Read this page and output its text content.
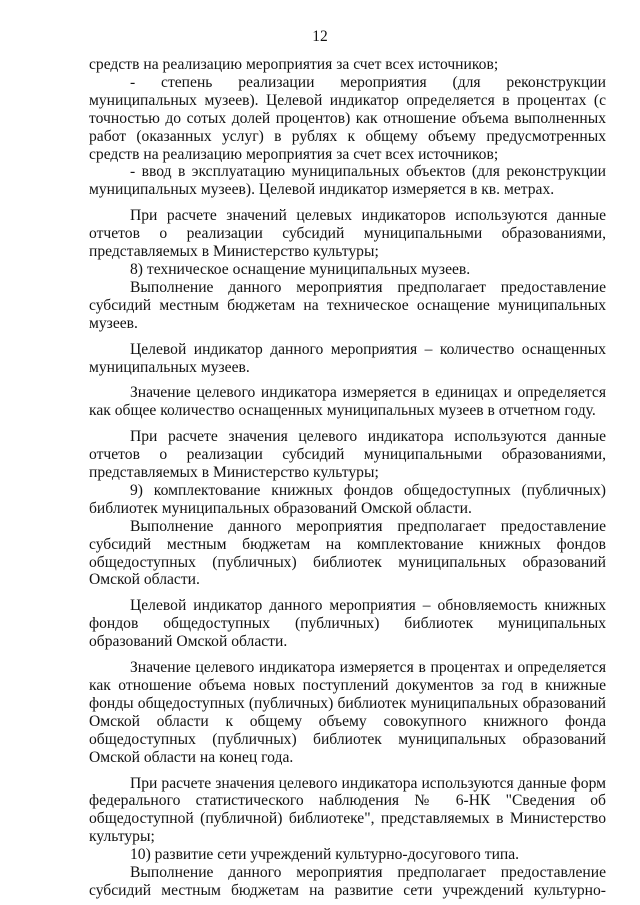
12

средств на реализацию мероприятия за счет всех источников;

- степень реализации мероприятия (для реконструкции муниципальных музеев). Целевой индикатор определяется в процентах (с точностью до сотых долей процентов) как отношение объема выполненных работ (оказанных услуг) в рублях к общему объему предусмотренных средств на реализацию мероприятия за счет всех источников;

- ввод в эксплуатацию муниципальных объектов (для реконструкции муниципальных музеев). Целевой индикатор измеряется в кв. метрах.

При расчете значений целевых индикаторов используются данные отчетов о реализации субсидий муниципальными образованиями, представляемых в Министерство культуры;

8) техническое оснащение муниципальных музеев.

Выполнение данного мероприятия предполагает предоставление субсидий местным бюджетам на техническое оснащение муниципальных музеев.

Целевой индикатор данного мероприятия – количество оснащенных муниципальных музеев.

Значение целевого индикатора измеряется в единицах и определяется как общее количество оснащенных муниципальных музеев в отчетном году.

При расчете значения целевого индикатора используются данные отчетов о реализации субсидий муниципальными образованиями, представляемых в Министерство культуры;

9) комплектование книжных фондов общедоступных (публичных) библиотек муниципальных образований Омской области.

Выполнение данного мероприятия предполагает предоставление субсидий местным бюджетам на комплектование книжных фондов общедоступных (публичных) библиотек муниципальных образований Омской области.

Целевой индикатор данного мероприятия – обновляемость книжных фондов общедоступных (публичных) библиотек муниципальных образований Омской области.

Значение целевого индикатора измеряется в процентах и определяется как отношение объема новых поступлений документов за год в книжные фонды общедоступных (публичных) библиотек муниципальных образований Омской области к общему объему совокупного книжного фонда общедоступных (публичных) библиотек муниципальных образований Омской области на конец года.

При расчете значения целевого индикатора используются данные форм федерального статистического наблюдения № 6-НК "Сведения об общедоступной (публичной) библиотеке", представляемых в Министерство культуры;

10) развитие сети учреждений культурно-досугового типа.

Выполнение данного мероприятия предполагает предоставление субсидий местным бюджетам на развитие сети учреждений культурно-
